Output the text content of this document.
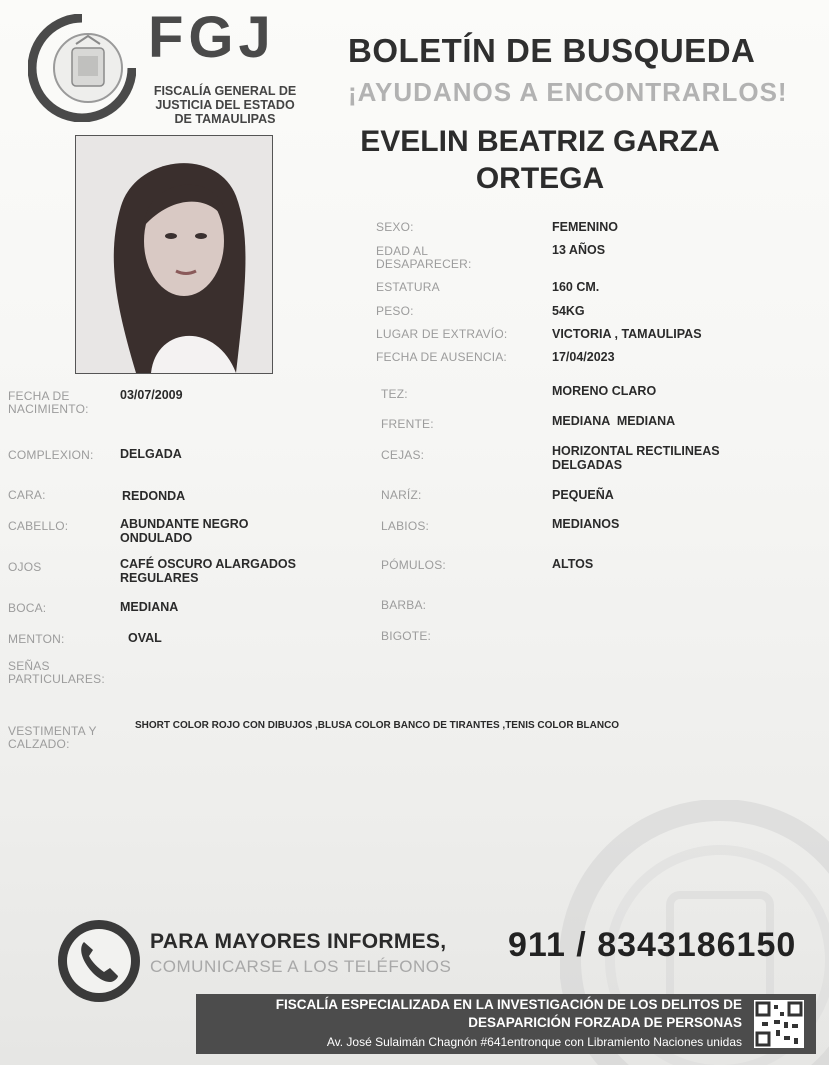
FGJ
FISCALÍA GENERAL DE
JUSTICIA DEL ESTADO
DE TAMAULIPAS
BOLETÍN DE BUSQUEDA
¡AYUDANOS A ENCONTRARLOS!
EVELIN BEATRIZ GARZA
ORTEGA
SEXO:	FEMENINO
EDAD AL DESAPARECER:
13 AÑOS
ESTATURA	160 CM.
PESO:	54KG
LUGAR DE EXTRAVÍO:	VICTORIA , TAMAULIPAS
FECHA DE AUSENCIA:	17/04/2023
TEZ:	MORENO CLARO
FRENTE:	MEDIANA  MEDIANA
CEJAS:	HORIZONTAL RECTILINEAS DELGADAS
NARÍZ:	PEQUEÑA
LABIOS:	MEDIANOS
PÓMULOS:	ALTOS
BARBA:
BIGOTE:
FECHA DE NACIMIENTO:
03/07/2009
COMPLEXION: DELGADA
CARA:	REDONDA
CABELLO:	ABUNDANTE NEGRO ONDULADO
OJOS	CAFÉ OSCURO ALARGADOS REGULARES
BOCA:	MEDIANA
MENTON:	OVAL
SEÑAS PARTICULARES:
VESTIMENTA Y CALZADO:
SHORT COLOR ROJO CON DIBUJOS ,BLUSA COLOR BANCO DE TIRANTES ,TENIS COLOR BLANCO
PARA MAYORES INFORMES,
COMUNICARSE A LOS TELÉFONOS
911 / 8343186150
FISCALÍA ESPECIALIZADA EN LA INVESTIGACIÓN DE LOS DELITOS DE
DESAPARICIÓN FORZADA DE PERSONAS
Av. José Sulaimán Chagnón #641entronque con Libramiento Naciones unidas
